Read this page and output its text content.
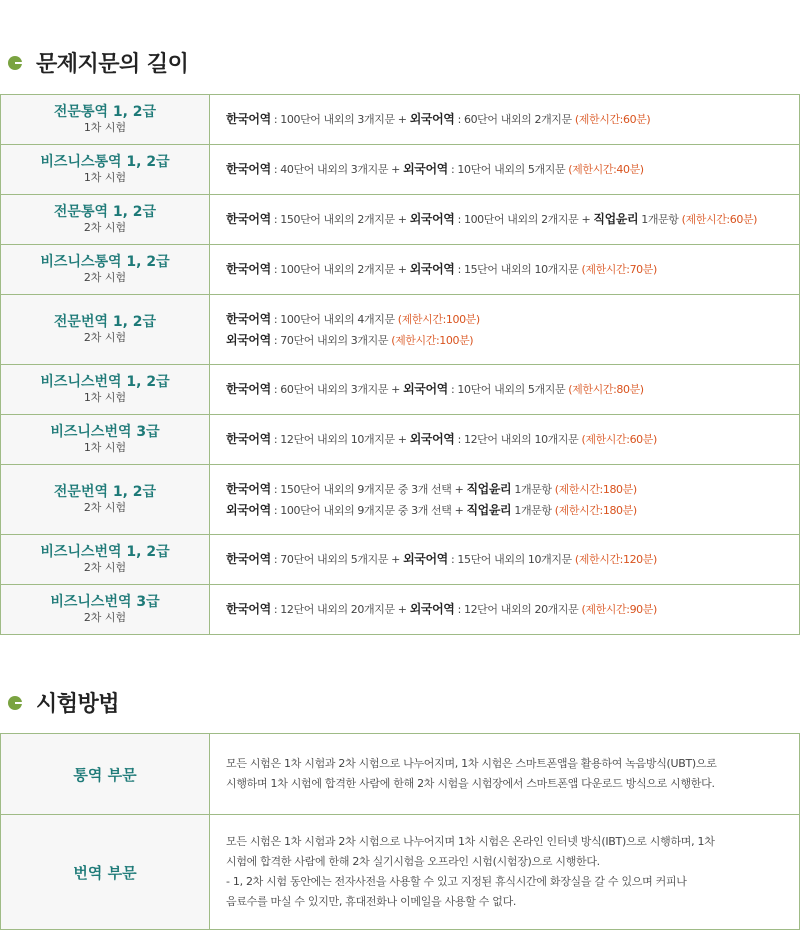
문제지문의 길이
전문통역 1, 2급
1차 시험	한국어역 : 100단어 내외의 3개지문 + 외국어역 : 60단어 내외의 2개지문 (제한시간:60분)

비즈니스통역 1, 2급
1차 시험	한국어역 : 40단어 내외의 3개지문 + 외국어역 : 10단어 내외의 5개지문 (제한시간:40분)

전문통역 1, 2급
2차 시험	한국어역 : 150단어 내외의 2개지문 + 외국어역 : 100단어 내외의 2개지문 + 직업윤리 1개문항 (제한시간:60분)

비즈니스통역 1, 2급
2차 시험	한국어역 : 100단어 내외의 2개지문 + 외국어역 : 15단어 내외의 10개지문 (제한시간:70분)

전문번역 1, 2급
2차 시험	한국어역 : 100단어 내외의 4개지문 (제한시간:100분)
외국어역 : 70단어 내외의 3개지문 (제한시간:100분)

비즈니스번역 1, 2급
1차 시험	한국어역 : 60단어 내외의 3개지문 + 외국어역 : 10단어 내외의 5개지문 (제한시간:80분)

비즈니스번역 3급
1차 시험	한국어역 : 12단어 내외의 10개지문 + 외국어역 : 12단어 내외의 10개지문 (제한시간:60분)

전문번역 1, 2급
2차 시험	한국어역 : 150단어 내외의 9개지문 중 3개 선택 + 직업윤리 1개문항 (제한시간:180분)
외국어역 : 100단어 내외의 9개지문 중 3개 선택 + 직업윤리 1개문항 (제한시간:180분)

비즈니스번역 1, 2급
2차 시험	한국어역 : 70단어 내외의 5개지문 + 외국어역 : 15단어 내외의 10개지문 (제한시간:120분)

비즈니스번역 3급
2차 시험	한국어역 : 12단어 내외의 20개지문 + 외국어역 : 12단어 내외의 20개지문 (제한시간:90분)
시험방법
통역 부문	모든 시험은 1차 시험과 2차 시험으로 나누어지며, 1차 시험은 스마트폰앱을 활용하여 녹음방식(UBT)으로
시행하며 1차 시험에 합격한 사람에 한해 2차 시험을 시험장에서 스마트폰앱 다운로드 방식으로 시행한다.

번역 부문	모든 시험은 1차 시험과 2차 시험으로 나누어지며 1차 시험은 온라인 인터넷 방식(IBT)으로 시행하며, 1차
시험에 합격한 사람에 한해 2차 실기시험을 오프라인 시험(시험장)으로 시행한다.
- 1, 2차 시험 동안에는 전자사전을 사용할 수 있고 지정된 휴식시간에 화장실을 갈 수 있으며 커피나
음료수를 마실 수 있지만, 휴대전화나 이메일을 사용할 수 없다.
